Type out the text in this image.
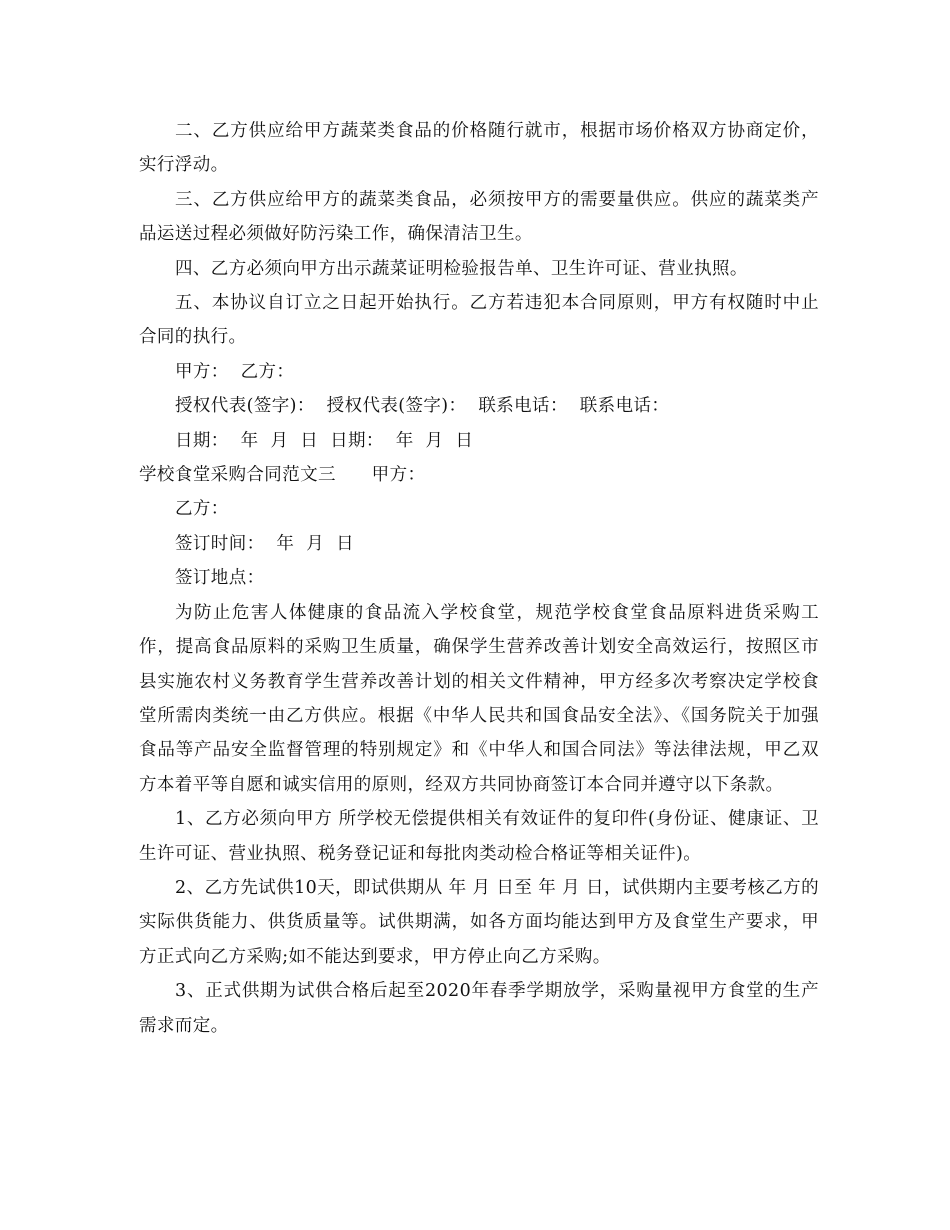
二、乙方供应给甲方蔬菜类食品的价格随行就市，根据市场价格双方协商定价，实行浮动。

三、乙方供应给甲方的蔬菜类食品，必须按甲方的需要量供应。供应的蔬菜类产品运送过程必须做好防污染工作，确保清洁卫生。

四、乙方必须向甲方出示蔬菜证明检验报告单、卫生许可证、营业执照。

五、本协议自订立之日起开始执行。乙方若违犯本合同原则，甲方有权随时中止合同的执行。

甲方：  乙方：

授权代表(签字)：  授权代表(签字)：  联系电话：  联系电话：

日期：  年  月  日  日期：  年  月  日

学校食堂采购合同范文三      甲方：

乙方：

签订时间：  年  月  日

签订地点：

为防止危害人体健康的食品流入学校食堂，规范学校食堂食品原料进货采购工作，提高食品原料的采购卫生质量，确保学生营养改善计划安全高效运行，按照区市县实施农村义务教育学生营养改善计划的相关文件精神，甲方经多次考察决定学校食堂所需肉类统一由乙方供应。根据《中华人民共和国食品安全法》、《国务院关于加强食品等产品安全监督管理的特别规定》和《中华人和国合同法》等法律法规，甲乙双方本着平等自愿和诚实信用的原则，经双方共同协商签订本合同并遵守以下条款。

1、乙方必须向甲方 所学校无偿提供相关有效证件的复印件(身份证、健康证、卫生许可证、营业执照、税务登记证和每批肉类动检合格证等相关证件)。

2、乙方先试供10天，即试供期从 年 月 日至 年 月 日，试供期内主要考核乙方的实际供货能力、供货质量等。试供期满，如各方面均能达到甲方及食堂生产要求，甲方正式向乙方采购;如不能达到要求，甲方停止向乙方采购。

3、正式供期为试供合格后起至2020年春季学期放学，采购量视甲方食堂的生产需求而定。
